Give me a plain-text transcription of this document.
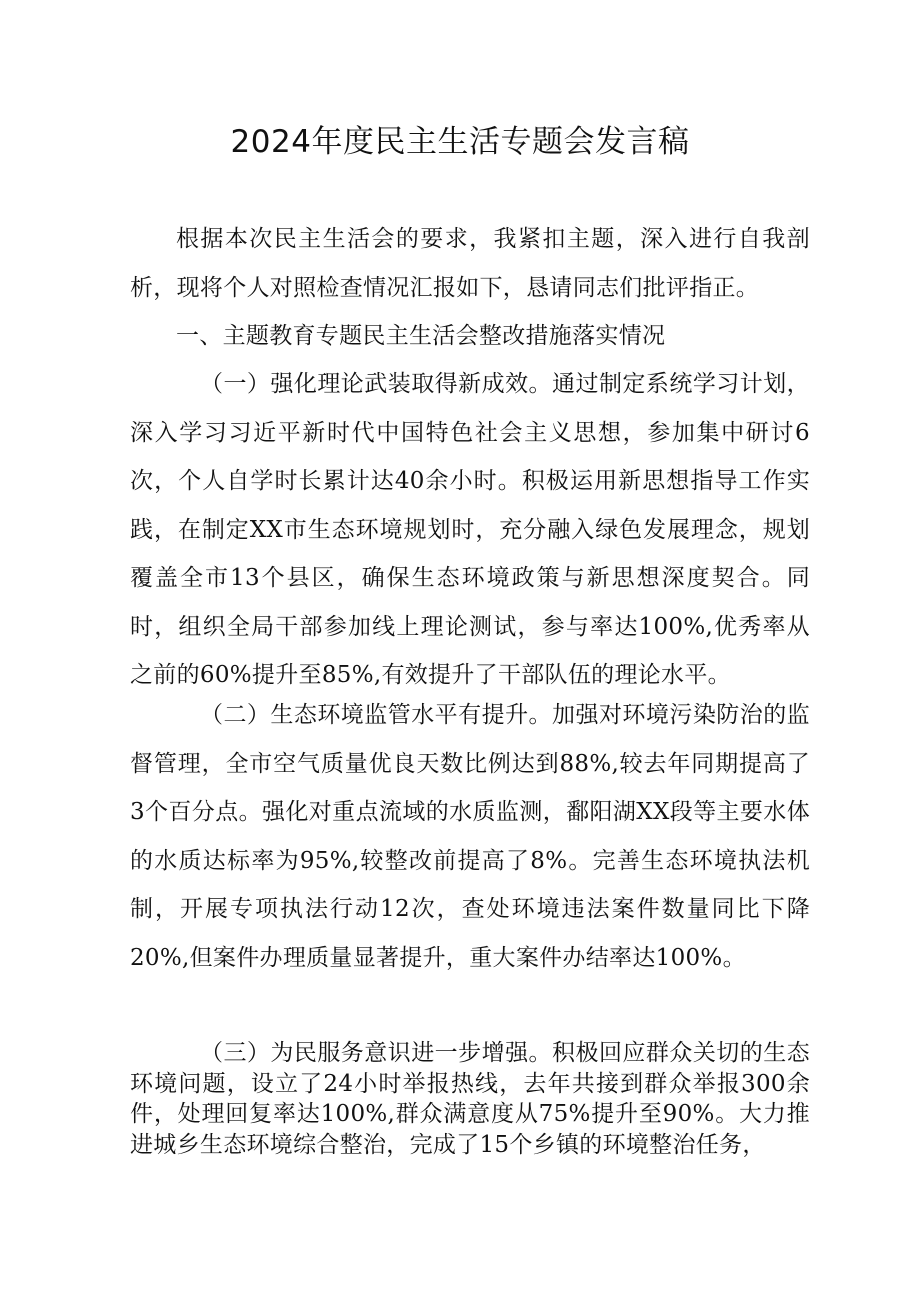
2024年度民主生活专题会发言稿

根据本次民主生活会的要求，我紧扣主题，深入进行自我剖析，现将个人对照检查情况汇报如下，恳请同志们批评指正。

一、主题教育专题民主生活会整改措施落实情况

（一）强化理论武装取得新成效。通过制定系统学习计划，深入学习习近平新时代中国特色社会主义思想，参加集中研讨6次，个人自学时长累计达40余小时。积极运用新思想指导工作实践，在制定XX市生态环境规划时，充分融入绿色发展理念，规划覆盖全市13个县区，确保生态环境政策与新思想深度契合。同时，组织全局干部参加线上理论测试，参与率达100%,优秀率从之前的60%提升至85%,有效提升了干部队伍的理论水平。

（二）生态环境监管水平有提升。加强对环境污染防治的监督管理，全市空气质量优良天数比例达到88%,较去年同期提高了3个百分点。强化对重点流域的水质监测，鄱阳湖XX段等主要水体的水质达标率为95%,较整改前提高了8%。完善生态环境执法机制，开展专项执法行动12次，查处环境违法案件数量同比下降20%,但案件办理质量显著提升，重大案件办结率达100%。

（三）为民服务意识进一步增强。积极回应群众关切的生态环境问题，设立了24小时举报热线，去年共接到群众举报300余件，处理回复率达100%,群众满意度从75%提升至90%。大力推进城乡生态环境综合整治，完成了15个乡镇的环境整治任务，
